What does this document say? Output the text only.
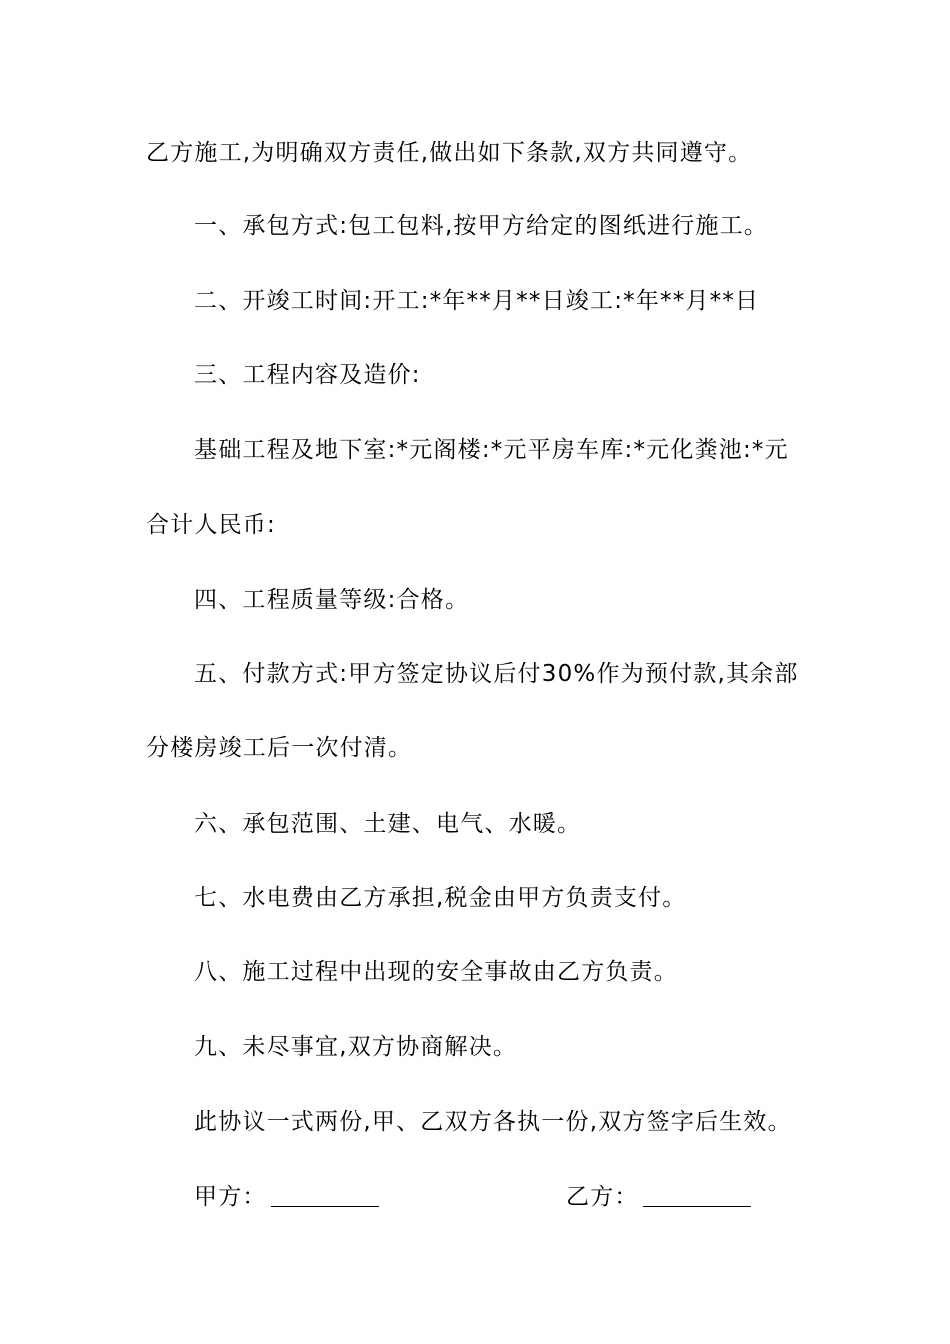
乙方施工,为明确双方责任,做出如下条款,双方共同遵守。
一、承包方式:包工包料,按甲方给定的图纸进行施工。
二、开竣工时间:开工:*年**月**日竣工:*年**月**日
三、工程内容及造价:
基础工程及地下室:*元阁楼:*元平房车库:*元化粪池:*元
合计人民币:
四、工程质量等级:合格。
五、付款方式:甲方签定协议后付30%作为预付款,其余部
分楼房竣工后一次付清。
六、承包范围、土建、电气、水暖。
七、水电费由乙方承担,税金由甲方负责支付。
八、施工过程中出现的安全事故由乙方负责。
九、未尽事宜,双方协商解决。
此协议一式两份,甲、乙双方各执一份,双方签字后生效。
甲方：	乙方：
